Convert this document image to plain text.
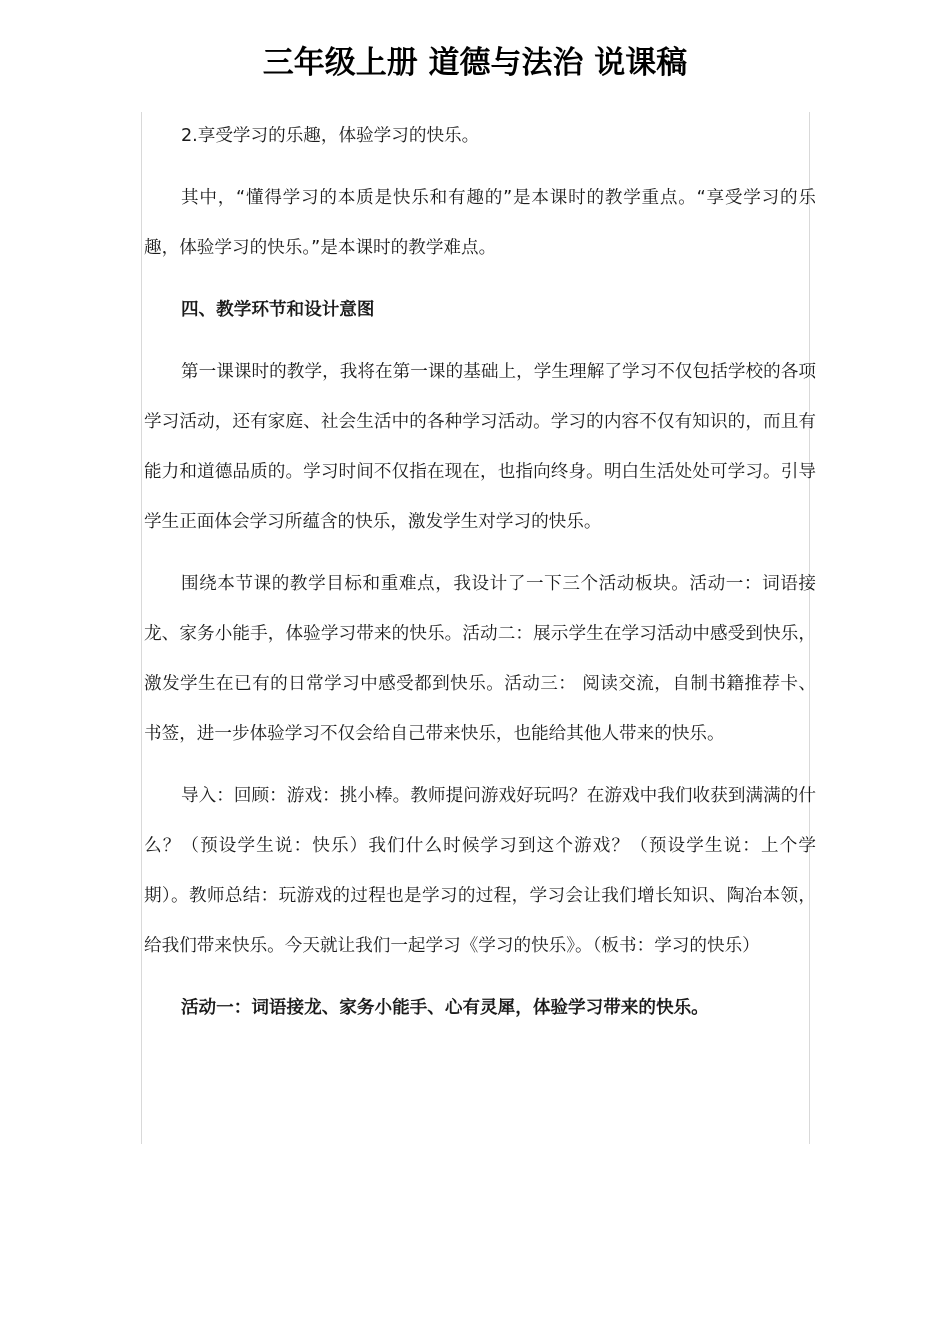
三年级上册 道德与法治 说课稿

2.享受学习的乐趣，体验学习的快乐。

其中，“懂得学习的本质是快乐和有趣的”是本课时的教学重点。“享受学习的乐趣，体验学习的快乐。”是本课时的教学难点。

四、教学环节和设计意图

第一课课时的教学，我将在第一课的基础上，学生理解了学习不仅包括学校的各项学习活动，还有家庭、社会生活中的各种学习活动。学习的内容不仅有知识的，而且有能力和道德品质的。学习时间不仅指在现在，也指向终身。明白生活处处可学习。引导学生正面体会学习所蕴含的快乐，激发学生对学习的快乐。

围绕本节课的教学目标和重难点，我设计了一下三个活动板块。活动一：词语接龙、家务小能手，体验学习带来的快乐。活动二：展示学生在学习活动中感受到快乐，激发学生在已有的日常学习中感受都到快乐。活动三： 阅读交流，自制书籍推荐卡、书签，进一步体验学习不仅会给自己带来快乐，也能给其他人带来的快乐。

导入：回顾：游戏：挑小棒。教师提问游戏好玩吗？在游戏中我们收获到满满的什么？（预设学生说：快乐）我们什么时候学习到这个游戏？（预设学生说：上个学期）。教师总结：玩游戏的过程也是学习的过程，学习会让我们增长知识、陶冶本领，给我们带来快乐。今天就让我们一起学习《学习的快乐》。（板书：学习的快乐）

活动一：词语接龙、家务小能手、心有灵犀，体验学习带来的快乐。
